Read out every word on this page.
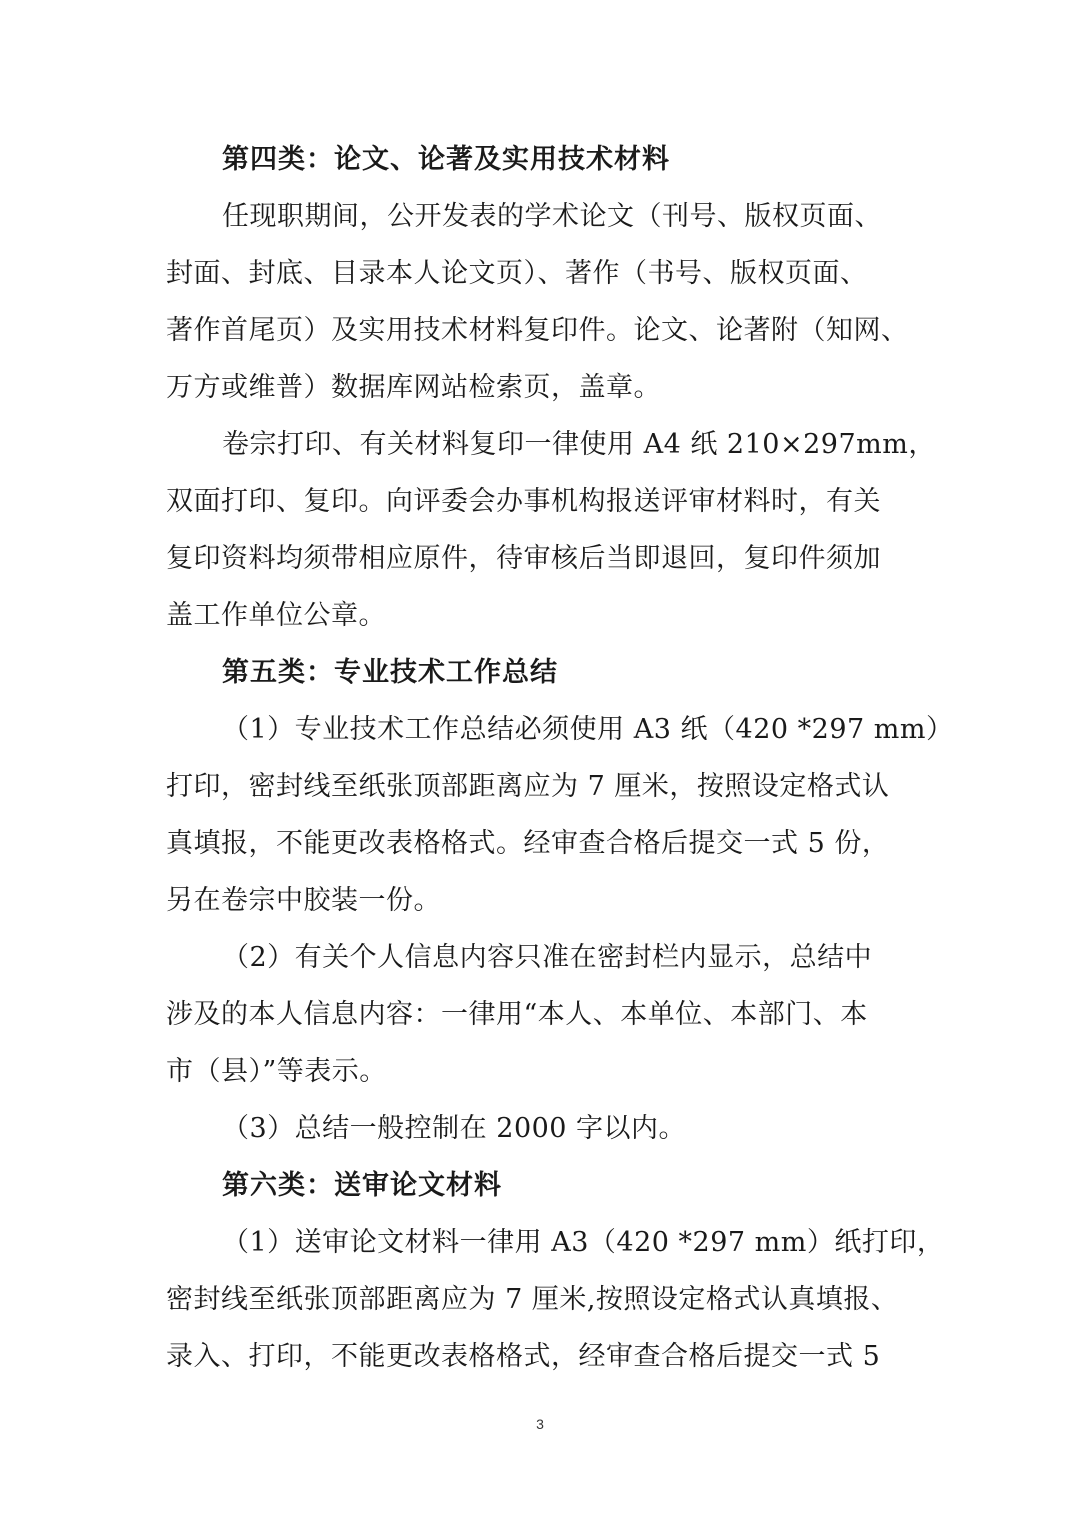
第四类：论文、论著及实用技术材料
任现职期间，公开发表的学术论文（刊号、版权页面、
封面、封底、目录本人论文页）、著作（书号、版权页面、
著作首尾页）及实用技术材料复印件。论文、论著附（知网、
万方或维普）数据库网站检索页，盖章。
卷宗打印、有关材料复印一律使用 A4 纸 210×297mm，
双面打印、复印。向评委会办事机构报送评审材料时，有关
复印资料均须带相应原件，待审核后当即退回，复印件须加
盖工作单位公章。
第五类：专业技术工作总结
（1）专业技术工作总结必须使用 A3 纸（420 *297 mm）
打印，密封线至纸张顶部距离应为 7 厘米，按照设定格式认
真填报，不能更改表格格式。经审查合格后提交一式 5 份，
另在卷宗中胶装一份。
（2）有关个人信息内容只准在密封栏内显示，总结中
涉及的本人信息内容：一律用“本人、本单位、本部门、本
市（县）”等表示。
（3）总结一般控制在 2000 字以内。
第六类：送审论文材料
（1）送审论文材料一律用 A3（420 *297 mm）纸打印，
密封线至纸张顶部距离应为 7 厘米,按照设定格式认真填报、
录入、打印，不能更改表格格式，经审查合格后提交一式 5
3
